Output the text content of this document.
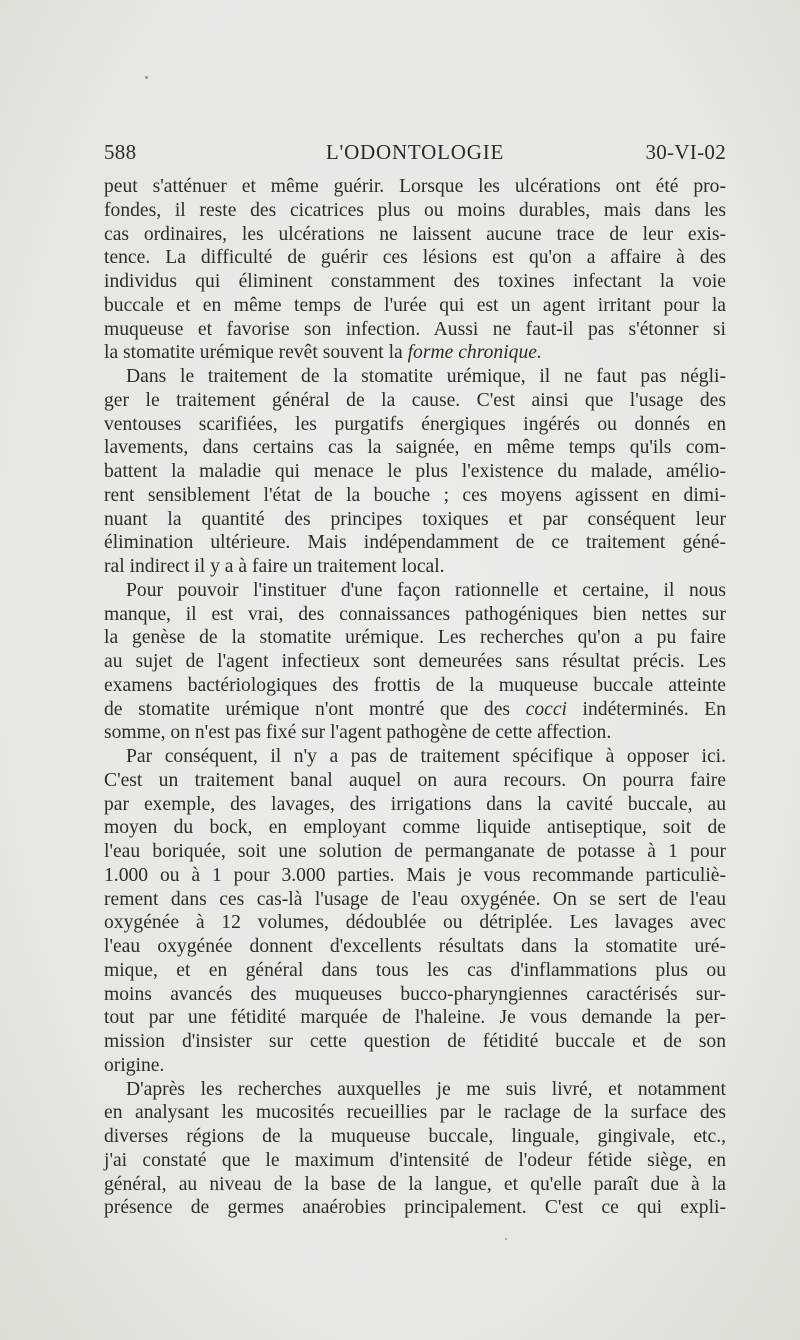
588	L'ODONTOLOGIE	30-VI-02
peut s'atténuer et même guérir. Lorsque les ulcérations ont été pro-
fondes, il reste des cicatrices plus ou moins durables, mais dans les
cas ordinaires, les ulcérations ne laissent aucune trace de leur exis-
tence. La difficulté de guérir ces lésions est qu'on a affaire à des
individus qui éliminent constamment des toxines infectant la voie
buccale et en même temps de l'urée qui est un agent irritant pour la
muqueuse et favorise son infection. Aussi ne faut-il pas s'étonner si
la stomatite urémique revêt souvent la forme chronique.
Dans le traitement de la stomatite urémique, il ne faut pas négli-
ger le traitement général de la cause. C'est ainsi que l'usage des
ventouses scarifiées, les purgatifs énergiques ingérés ou donnés en
lavements, dans certains cas la saignée, en même temps qu'ils com-
battent la maladie qui menace le plus l'existence du malade, amélio-
rent sensiblement l'état de la bouche ; ces moyens agissent en dimi-
nuant la quantité des principes toxiques et par conséquent leur
élimination ultérieure. Mais indépendamment de ce traitement géné-
ral indirect il y a à faire un traitement local.
Pour pouvoir l'instituer d'une façon rationnelle et certaine, il nous
manque, il est vrai, des connaissances pathogéniques bien nettes sur
la genèse de la stomatite urémique. Les recherches qu'on a pu faire
au sujet de l'agent infectieux sont demeurées sans résultat précis. Les
examens bactériologiques des frottis de la muqueuse buccale atteinte
de stomatite urémique n'ont montré que des cocci indéterminés. En
somme, on n'est pas fixé sur l'agent pathogène de cette affection.
Par conséquent, il n'y a pas de traitement spécifique à opposer ici.
C'est un traitement banal auquel on aura recours. On pourra faire
par exemple, des lavages, des irrigations dans la cavité buccale, au
moyen du bock, en employant comme liquide antiseptique, soit de
l'eau boriquée, soit une solution de permanganate de potasse à 1 pour
1.000 ou à 1 pour 3.000 parties. Mais je vous recommande particuliè-
rement dans ces cas-là l'usage de l'eau oxygénée. On se sert de l'eau
oxygénée à 12 volumes, dédoublée ou détriplée. Les lavages avec
l'eau oxygénée donnent d'excellents résultats dans la stomatite uré-
mique, et en général dans tous les cas d'inflammations plus ou
moins avancés des muqueuses bucco-pharyngiennes caractérisés sur-
tout par une fétidité marquée de l'haleine. Je vous demande la per-
mission d'insister sur cette question de fétidité buccale et de son
origine.
D'après les recherches auxquelles je me suis livré, et notamment
en analysant les mucosités recueillies par le raclage de la surface des
diverses régions de la muqueuse buccale, linguale, gingivale, etc.,
j'ai constaté que le maximum d'intensité de l'odeur fétide siège, en
général, au niveau de la base de la langue, et qu'elle paraît due à la
présence de germes anaérobies principalement. C'est ce qui expli-
